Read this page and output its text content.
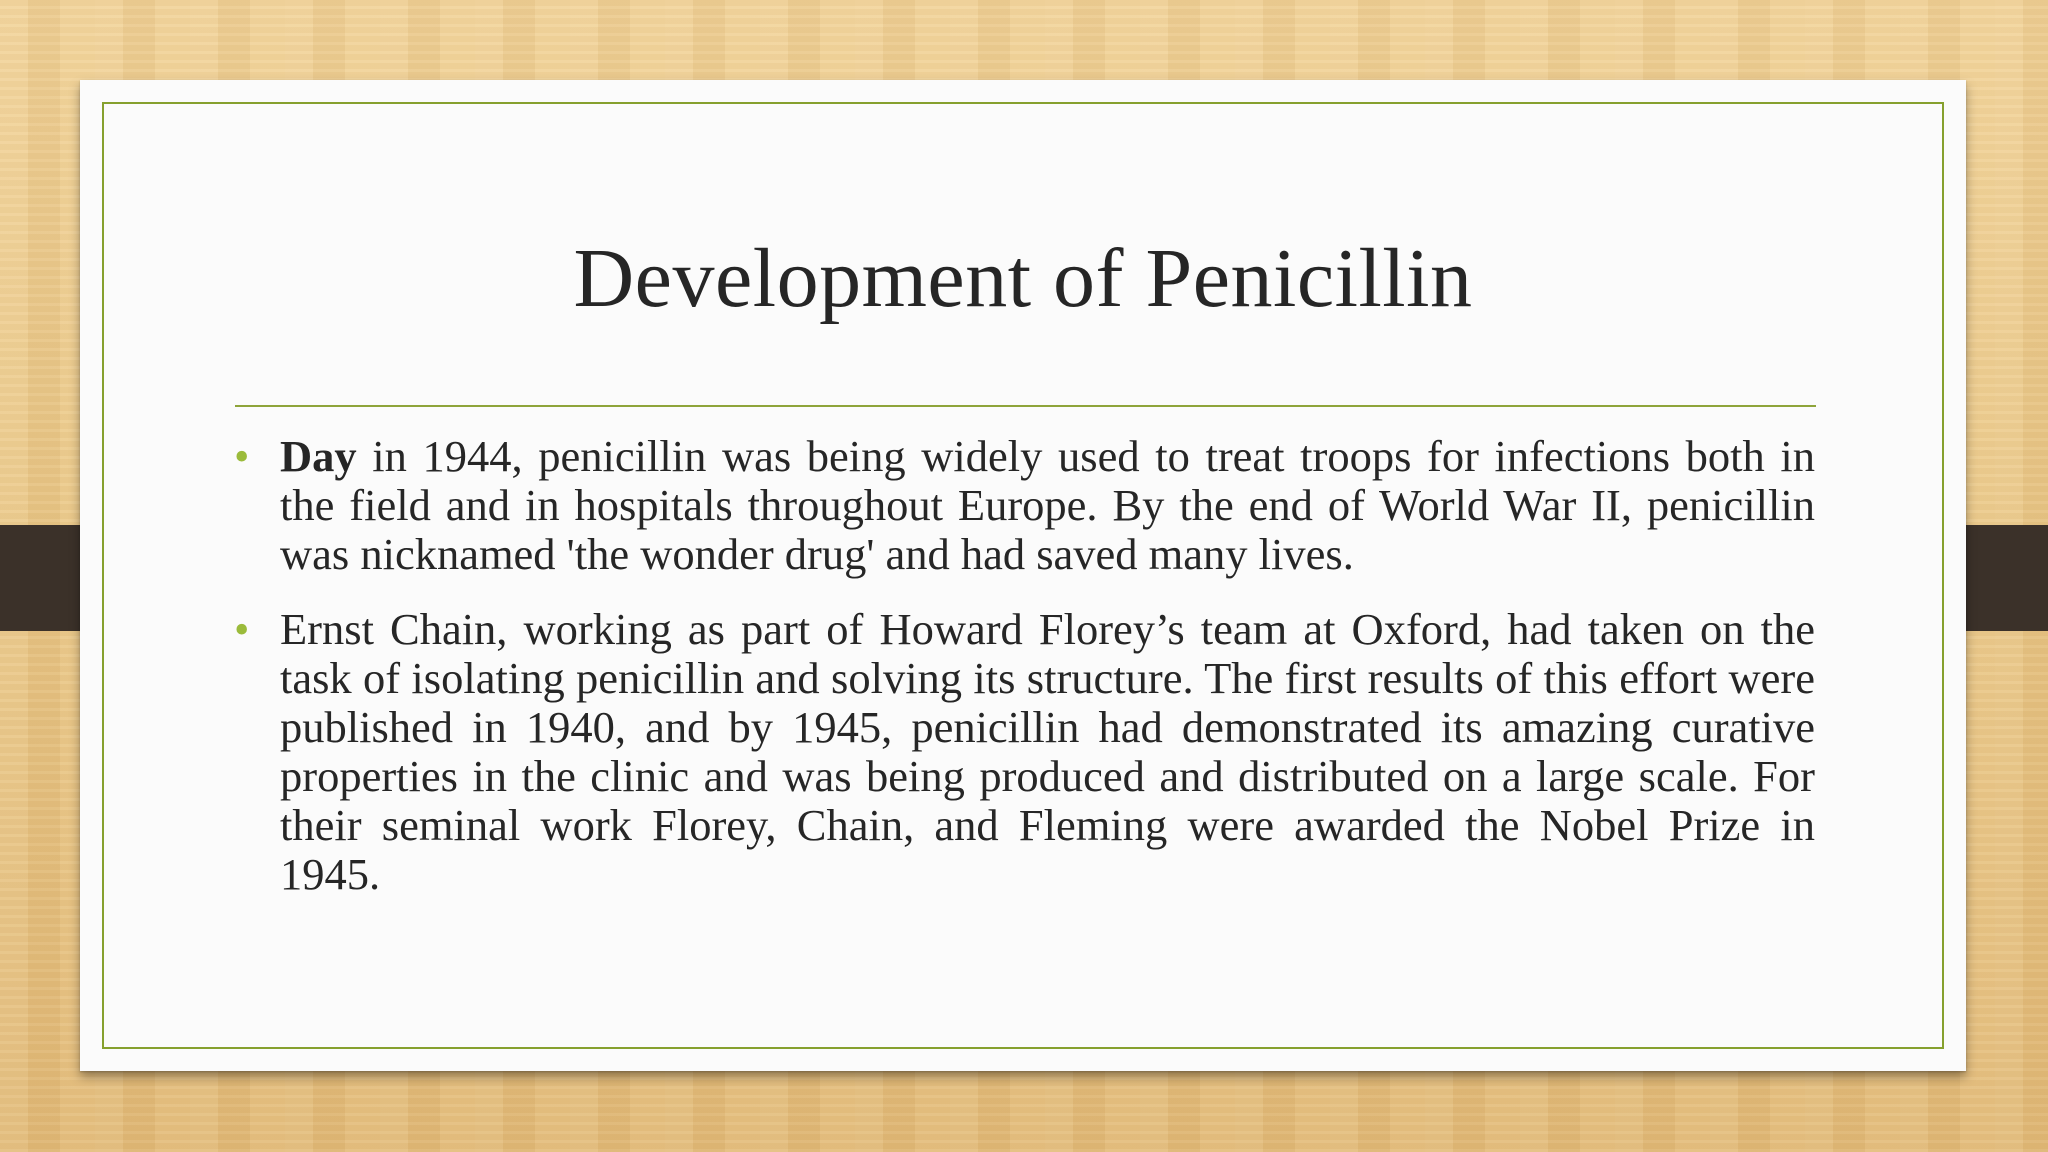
Development of Penicillin
• Day in 1944, penicillin was being widely used to treat troops for infections both in the field and in hospitals throughout Europe. By the end of World War II, penicillin was nicknamed 'the wonder drug' and had saved many lives.
• Ernst Chain, working as part of Howard Florey’s team at Oxford, had taken on the task of isolating penicillin and solving its structure. The first results of this effort were published in 1940, and by 1945, penicillin had demonstrated its amazing curative properties in the clinic and was being produced and distributed on a large scale. For their seminal work Florey, Chain, and Fleming were awarded the Nobel Prize in 1945.
